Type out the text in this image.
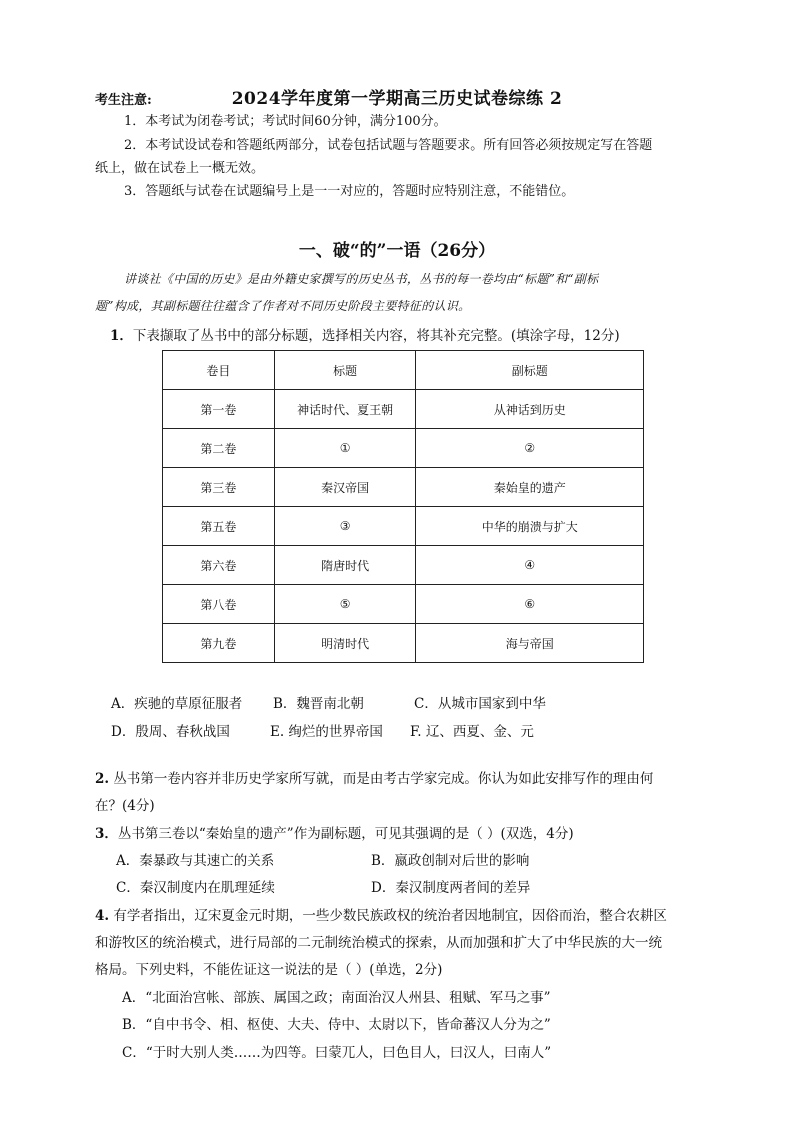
2024学年度第一学期高三历史试卷综练 2
考生注意:
1．本考试为闭卷考试；考试时间60分钟，满分100分。
2．本考试设试卷和答题纸两部分，试卷包括试题与答题要求。所有回答必须按规定写在答题
纸上，做在试卷上一概无效。
3．答题纸与试卷在试题编号上是一一对应的，答题时应特别注意，不能错位。
一、破“的”一语（26分）
讲谈社《中国的历史》是由外籍史家撰写的历史丛书，丛书的每一卷均由“标题”和“副标
题”构成，其副标题往往蕴含了作者对不同历史阶段主要特征的认识。
1．下表撷取了丛书中的部分标题，选择相关内容，将其补充完整。(填涂字母，12分)
卷目	标题	副标题
第一卷	神话时代、夏王朝	从神话到历史
第二卷	①	②
第三卷	秦汉帝国	秦始皇的遗产
第五卷	③	中华的崩溃与扩大
第六卷	隋唐时代	④
第八卷	⑤	⑥
第九卷	明清时代	海与帝国
A．疾驰的草原征服者 B．魏晋南北朝	C．从城市国家到中华
D．殷周、春秋战国	E. 绚烂的世界帝国 F. 辽、西夏、金、元
2. 丛书第一卷内容并非历史学家所写就，而是由考古学家完成。你认为如此安排写作的理由何
在？(4分)
3．丛书第三卷以“秦始皇的遗产”作为副标题，可见其强调的是（ ）(双选，4分)
A．秦暴政与其速亡的关系	B．嬴政创制对后世的影响
C．秦汉制度内在肌理延续	D．秦汉制度两者间的差异
4. 有学者指出，辽宋夏金元时期，一些少数民族政权的统治者因地制宜，因俗而治，整合农耕区
和游牧区的统治模式，进行局部的二元制统治模式的探索，从而加强和扩大了中华民族的大一统
格局。下列史料，不能佐证这一说法的是（ ）(单选，2分)
A．“北面治宫帐、部族、属国之政；南面治汉人州县、租赋、军马之事”
B．“自中书令、相、枢使、大夫、侍中、太尉以下，皆命蕃汉人分为之”
C．“于时大别人类……为四等。曰蒙兀人，曰色目人，曰汉人，曰南人”
